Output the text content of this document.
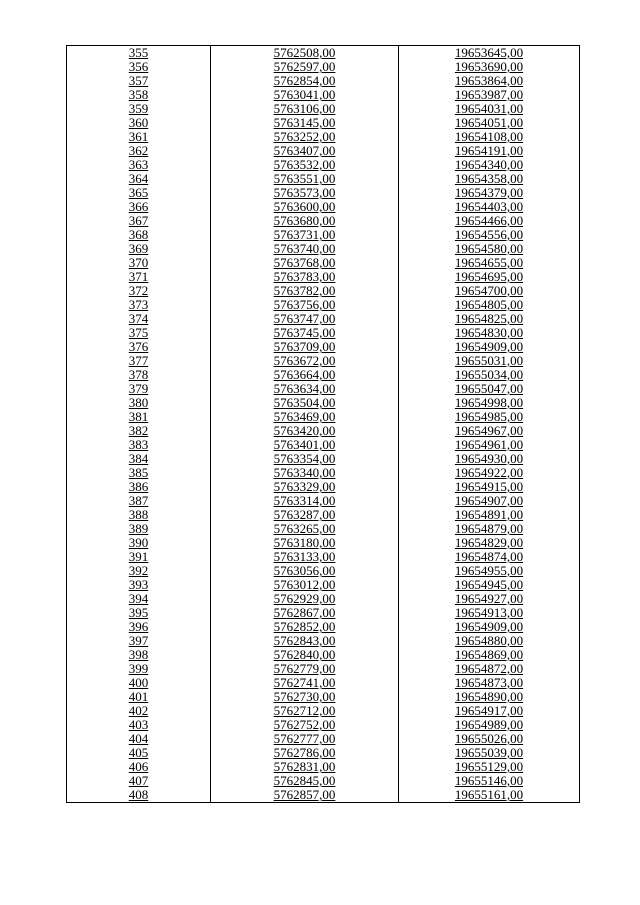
355	5762508,00	19653645,00
356	5762597,00	19653690,00
357	5762854,00	19653864,00
358	5763041,00	19653987,00
359	5763106,00	19654031,00
360	5763145,00	19654051,00
361	5763252,00	19654108,00
362	5763407,00	19654191,00
363	5763532,00	19654340,00
364	5763551,00	19654358,00
365	5763573,00	19654379,00
366	5763600,00	19654403,00
367	5763680,00	19654466,00
368	5763731,00	19654556,00
369	5763740,00	19654580,00
370	5763768,00	19654655,00
371	5763783,00	19654695,00
372	5763782,00	19654700,00
373	5763756,00	19654805,00
374	5763747,00	19654825,00
375	5763745,00	19654830,00
376	5763709,00	19654909,00
377	5763672,00	19655031,00
378	5763664,00	19655034,00
379	5763634,00	19655047,00
380	5763504,00	19654998,00
381	5763469,00	19654985,00
382	5763420,00	19654967,00
383	5763401,00	19654961,00
384	5763354,00	19654930,00
385	5763340,00	19654922,00
386	5763329,00	19654915,00
387	5763314,00	19654907,00
388	5763287,00	19654891,00
389	5763265,00	19654879,00
390	5763180,00	19654829,00
391	5763133,00	19654874,00
392	5763056,00	19654955,00
393	5763012,00	19654945,00
394	5762929,00	19654927,00
395	5762867,00	19654913,00
396	5762852,00	19654909,00
397	5762843,00	19654880,00
398	5762840,00	19654869,00
399	5762779,00	19654872,00
400	5762741,00	19654873,00
401	5762730,00	19654890,00
402	5762712,00	19654917,00
403	5762752,00	19654989,00
404	5762777,00	19655026,00
405	5762786,00	19655039,00
406	5762831,00	19655129,00
407	5762845,00	19655146,00
408	5762857,00	19655161,00
